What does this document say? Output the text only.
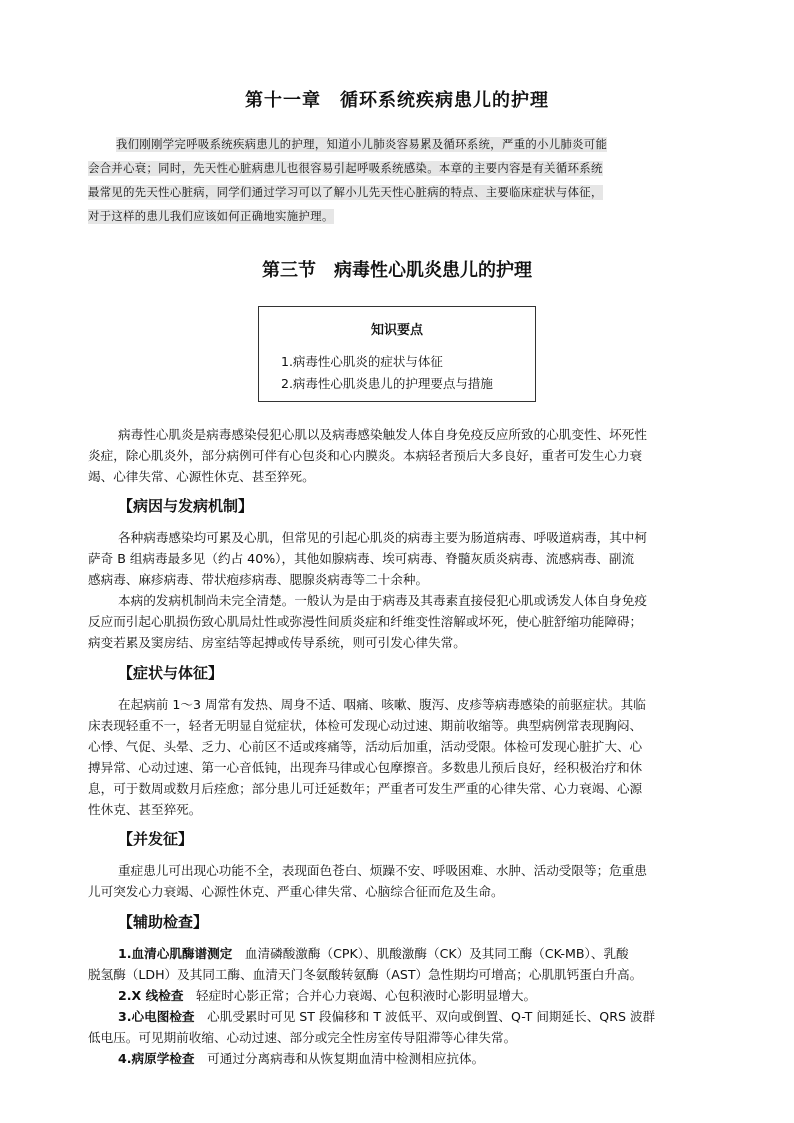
第十一章　循环系统疾病患儿的护理
我们刚刚学完呼吸系统疾病患儿的护理，知道小儿肺炎容易累及循环系统，严重的小儿肺炎可能
会合并心衰；同时，先天性心脏病患儿也很容易引起呼吸系统感染。本章的主要内容是有关循环系统
最常见的先天性心脏病，同学们通过学习可以了解小儿先天性心脏病的特点、主要临床症状与体征，
对于这样的患儿我们应该如何正确地实施护理。
第三节　病毒性心肌炎患儿的护理
知识要点
1.病毒性心肌炎的症状与体征
2.病毒性心肌炎患儿的护理要点与措施
病毒性心肌炎是病毒感染侵犯心肌以及病毒感染触发人体自身免疫反应所致的心肌变性、坏死性
炎症，除心肌炎外，部分病例可伴有心包炎和心内膜炎。本病轻者预后大多良好，重者可发生心力衰
竭、心律失常、心源性休克、甚至猝死。
【病因与发病机制】
各种病毒感染均可累及心肌，但常见的引起心肌炎的病毒主要为肠道病毒、呼吸道病毒，其中柯
萨奇 B 组病毒最多见（约占 40%），其他如腺病毒、埃可病毒、脊髓灰质炎病毒、流感病毒、副流
感病毒、麻疹病毒、带状疱疹病毒、腮腺炎病毒等二十余种。
本病的发病机制尚未完全清楚。一般认为是由于病毒及其毒素直接侵犯心肌或诱发人体自身免疫
反应而引起心肌损伤致心肌局灶性或弥漫性间质炎症和纤维变性溶解或坏死，使心脏舒缩功能障碍；
病变若累及窦房结、房室结等起搏或传导系统，则可引发心律失常。
【症状与体征】
在起病前 1～3 周常有发热、周身不适、咽痛、咳嗽、腹泻、皮疹等病毒感染的前驱症状。其临
床表现轻重不一，轻者无明显自觉症状，体检可发现心动过速、期前收缩等。典型病例常表现胸闷、
心悸、气促、头晕、乏力、心前区不适或疼痛等，活动后加重，活动受限。体检可发现心脏扩大、心
搏异常、心动过速、第一心音低钝，出现奔马律或心包摩擦音。多数患儿预后良好，经积极治疗和休
息，可于数周或数月后痊愈；部分患儿可迁延数年；严重者可发生严重的心律失常、心力衰竭、心源
性休克、甚至猝死。
【并发征】
重症患儿可出现心功能不全，表现面色苍白、烦躁不安、呼吸困难、水肿、活动受限等；危重患
儿可突发心力衰竭、心源性休克、严重心律失常、心脑综合征而危及生命。
【辅助检查】
1.血清心肌酶谱测定　血清磷酸激酶（CPK）、肌酸激酶（CK）及其同工酶（CK-MB）、乳酸
脱氢酶（LDH）及其同工酶、血清天门冬氨酸转氨酶（AST）急性期均可增高；心肌肌钙蛋白升高。
2.X 线检查　轻症时心影正常；合并心力衰竭、心包积液时心影明显增大。
3.心电图检查　心肌受累时可见 ST 段偏移和 T 波低平、双向或倒置、Q-T 间期延长、QRS 波群
低电压。可见期前收缩、心动过速、部分或完全性房室传导阻滞等心律失常。
4.病原学检查　可通过分离病毒和从恢复期血清中检测相应抗体。
